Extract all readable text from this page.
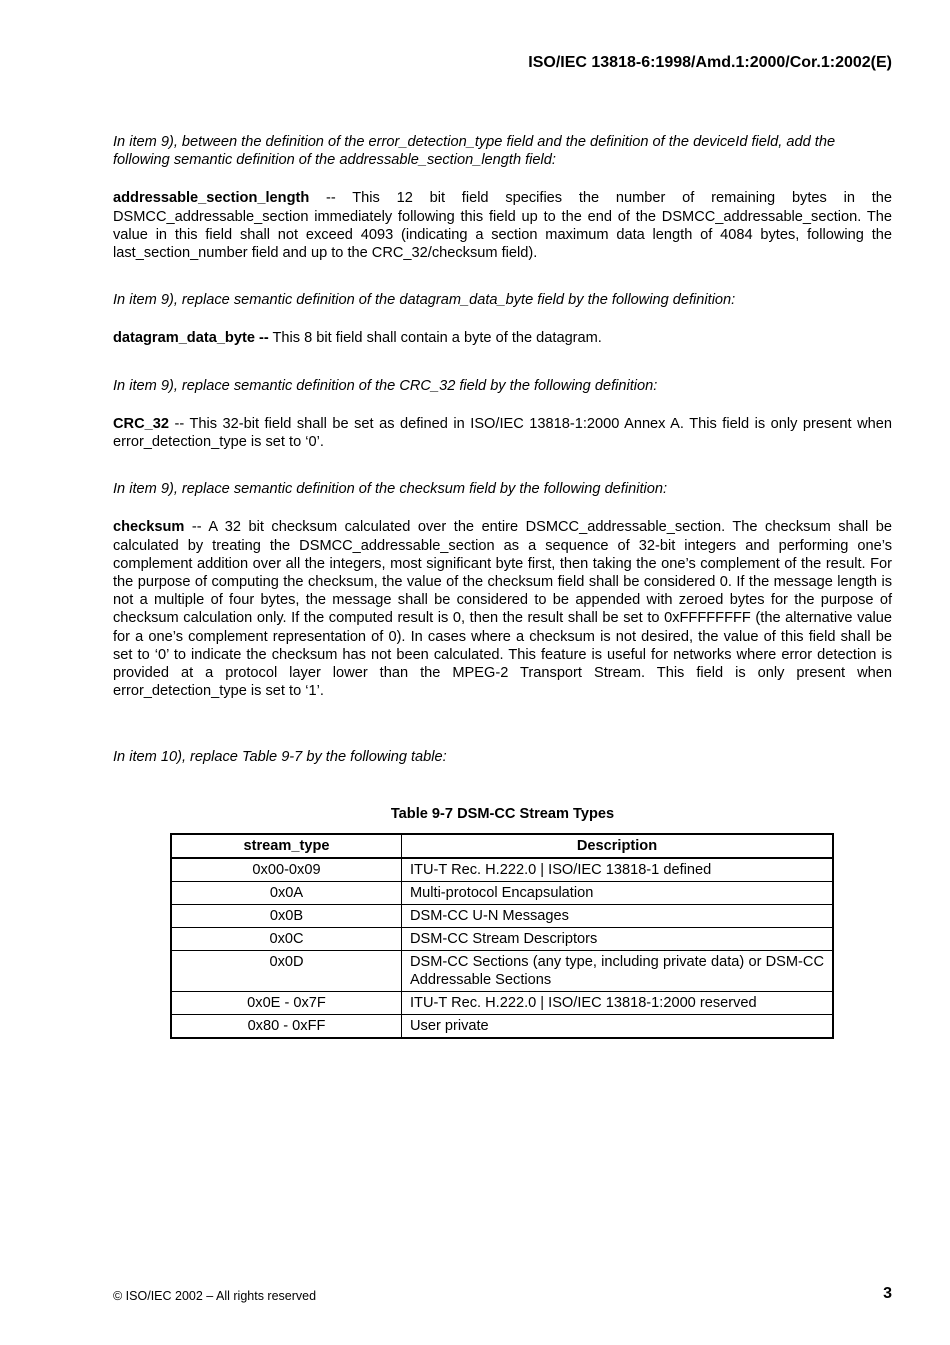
ISO/IEC 13818-6:1998/Amd.1:2000/Cor.1:2002(E)

In item 9), between the definition of the error_detection_type field and the definition of the deviceId field, add the following semantic definition of the addressable_section_length field:

addressable_section_length -- This 12 bit field specifies the number of remaining bytes in the DSMCC_addressable_section immediately following this field up to the end of the DSMCC_addressable_section. The value in this field shall not exceed 4093 (indicating a section maximum data length of 4084 bytes, following the last_section_number field and up to the CRC_32/checksum field).

In item 9), replace semantic definition of the datagram_data_byte field by the following definition:

datagram_data_byte -- This 8 bit field shall contain a byte of the datagram.

In item 9), replace semantic definition of the CRC_32 field by the following definition:

CRC_32 -- This 32-bit field shall be set as defined in ISO/IEC 13818-1:2000 Annex A. This field is only present when error_detection_type is set to ‘0’.

In item 9), replace semantic definition of the checksum field by the following definition:

checksum -- A 32 bit checksum calculated over the entire DSMCC_addressable_section. The checksum shall be calculated by treating the DSMCC_addressable_section as a sequence of 32-bit integers and performing one’s complement addition over all the integers, most significant byte first, then taking the one’s complement of the result. For the purpose of computing the checksum, the value of the checksum field shall be considered 0. If the message length is not a multiple of four bytes, the message shall be considered to be appended with zeroed bytes for the purpose of checksum calculation only. If the computed result is 0, then the result shall be set to 0xFFFFFFFF (the alternative value for a one’s complement representation of 0). In cases where a checksum is not desired, the value of this field shall be set to ‘0’ to indicate the checksum has not been calculated. This feature is useful for networks where error detection is provided at a protocol layer lower than the MPEG-2 Transport Stream. This field is only present when error_detection_type is set to ‘1’.

In item 10), replace Table 9-7 by the following table:

Table 9-7 DSM-CC Stream Types
stream_type	Description
0x00-0x09	ITU-T Rec. H.222.0 | ISO/IEC 13818-1 defined
0x0A	Multi-protocol Encapsulation
0x0B	DSM-CC U-N Messages
0x0C	DSM-CC Stream Descriptors
0x0D	DSM-CC Sections (any type, including private data) or DSM-CC Addressable Sections
0x0E - 0x7F	ITU-T Rec. H.222.0 | ISO/IEC 13818-1:2000 reserved
0x80 - 0xFF	User private
© ISO/IEC 2002 – All rights reserved	3
